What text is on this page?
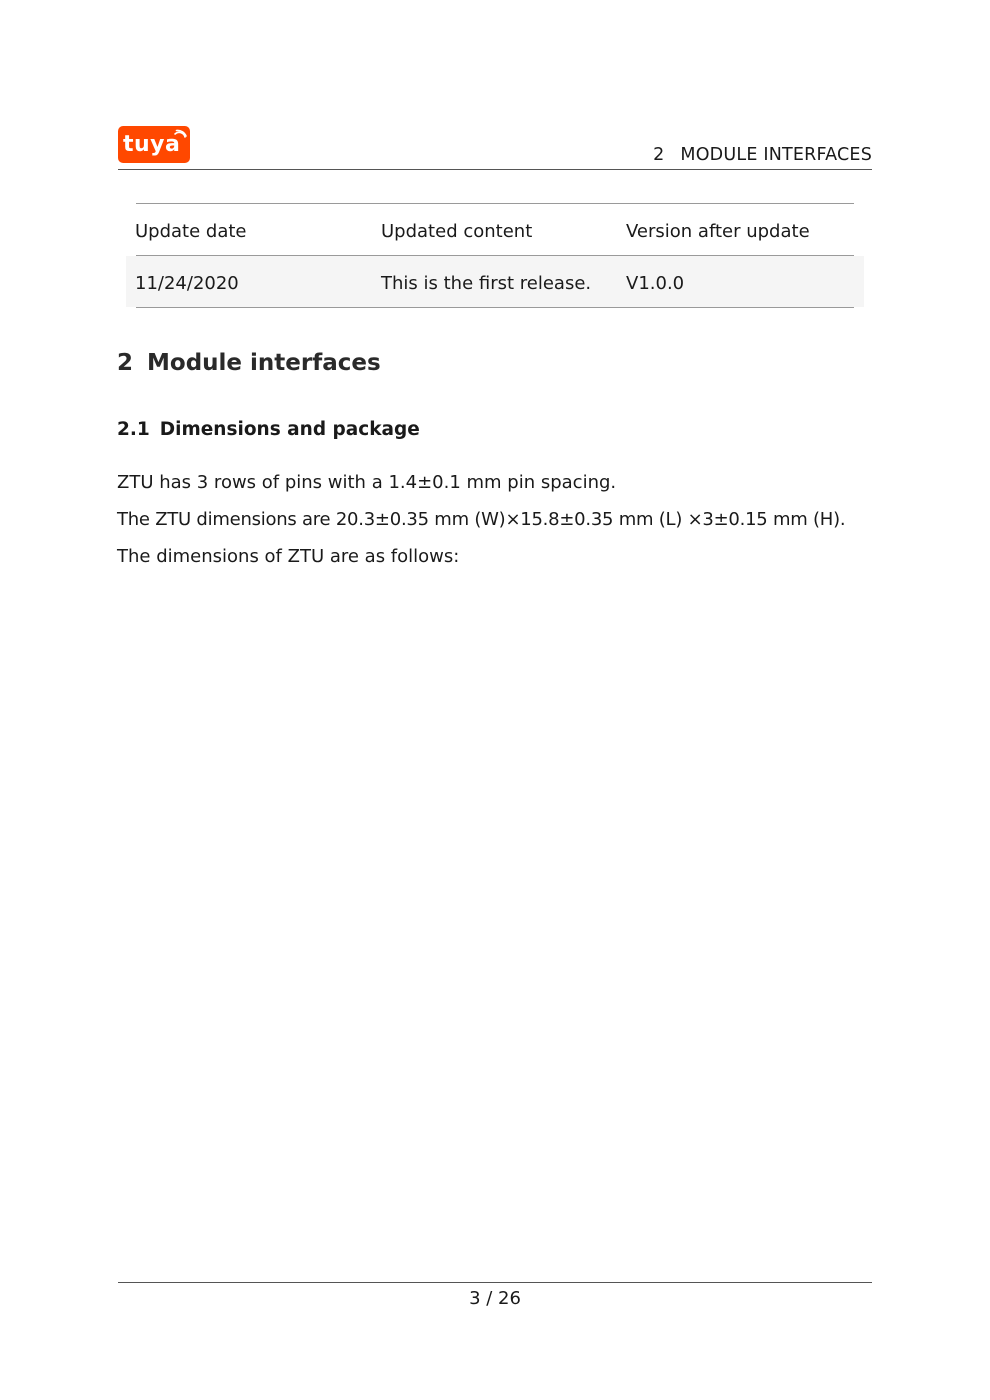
tuya	2 MODULE INTERFACES
Update date	Updated content	Version after update
11/24/2020	This is the first release. V1.0.0
2 Module interfaces
2.1 Dimensions and package
ZTU has 3 rows of pins with a 1.4±0.1 mm pin spacing.
The ZTU dimensions are 20.3±0.35 mm (W)×15.8±0.35 mm (L) ×3±0.15 mm (H).
The dimensions of ZTU are as follows:
3 / 26
